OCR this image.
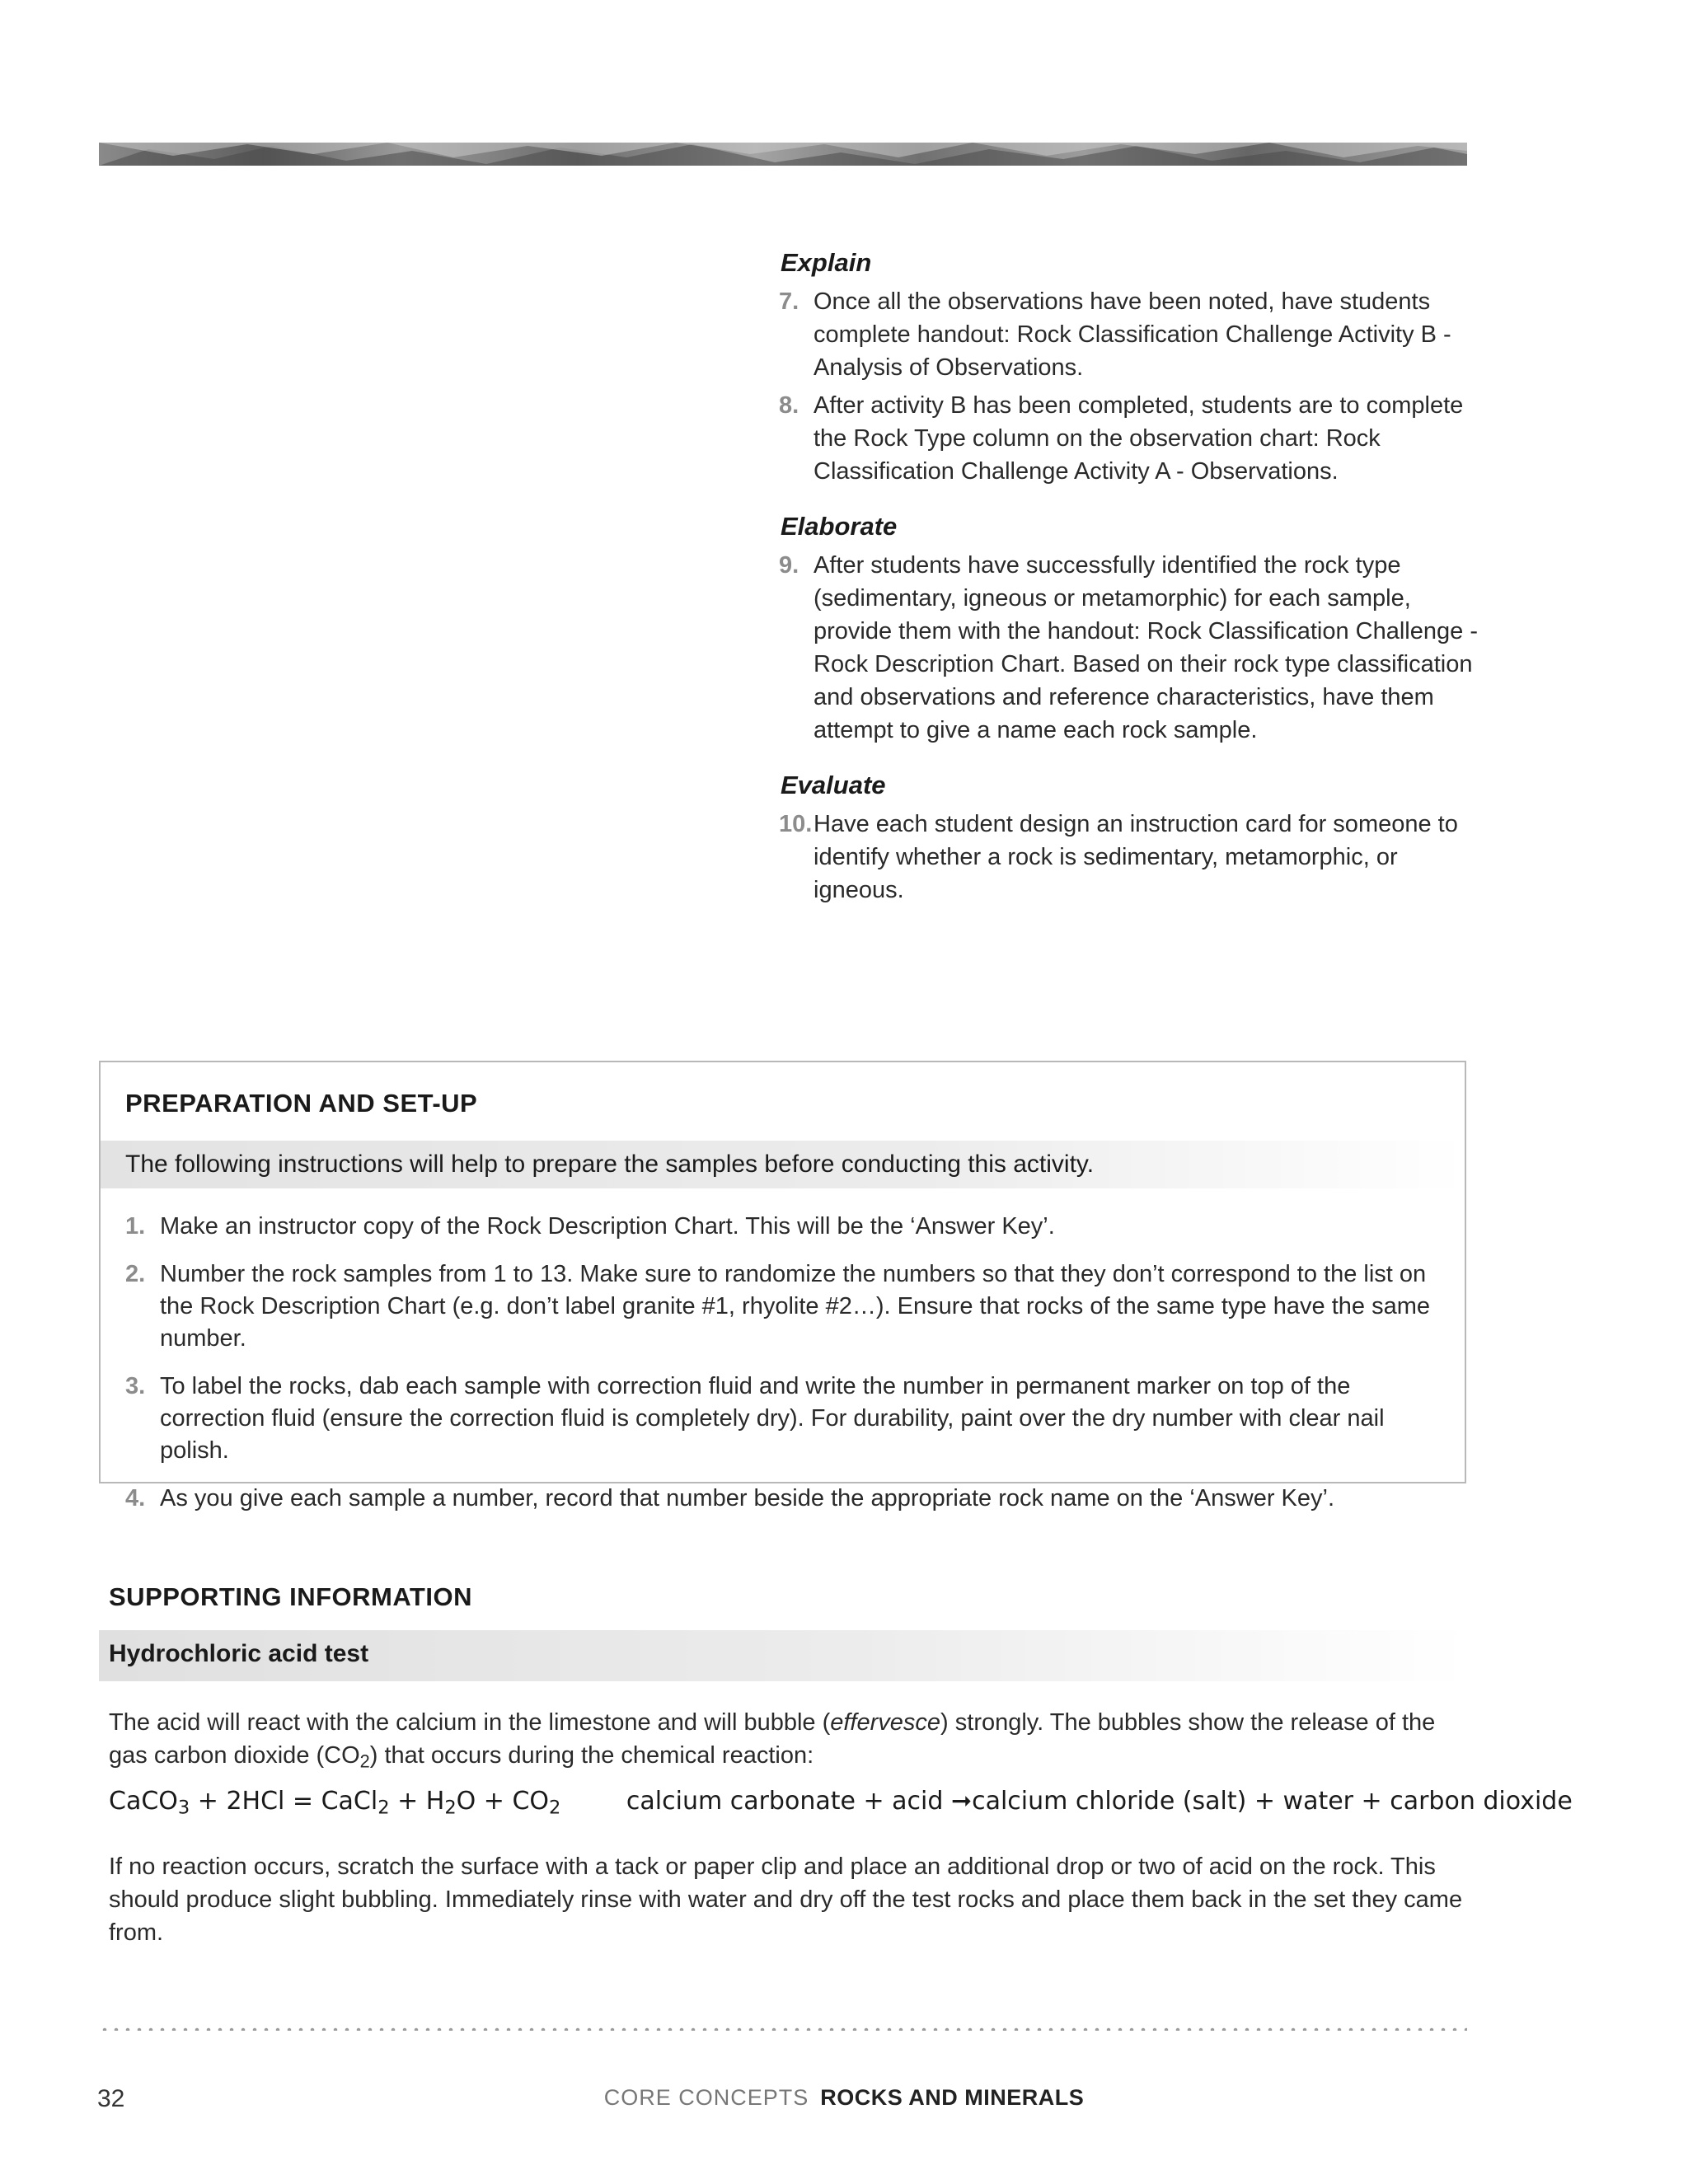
Explain
7. Once all the observations have been noted, have students complete handout: Rock Classification Challenge Activity B - Analysis of Observations.
8. After activity B has been completed, students are to complete the Rock Type column on the observation chart: Rock Classification Challenge Activity A - Observations.
Elaborate
9. After students have successfully identified the rock type (sedimentary, igneous or metamorphic) for each sample, provide them with the handout: Rock Classification Challenge - Rock Description Chart. Based on their rock type classification and observations and reference characteristics, have them attempt to give a name each rock sample.
Evaluate
10. Have each student design an instruction card for someone to identify whether a rock is sedimentary, metamorphic, or igneous.
PREPARATION AND SET-UP
The following instructions will help to prepare the samples before conducting this activity.
1. Make an instructor copy of the Rock Description Chart. This will be the ‘Answer Key’.
2. Number the rock samples from 1 to 13. Make sure to randomize the numbers so that they don’t correspond to the list on the Rock Description Chart (e.g. don’t label granite #1, rhyolite #2…). Ensure that rocks of the same type have the same number.
3. To label the rocks, dab each sample with correction fluid and write the number in permanent marker on top of the correction fluid (ensure the correction fluid is completely dry). For durability, paint over the dry number with clear nail polish.
4. As you give each sample a number, record that number beside the appropriate rock name on the ‘Answer Key’.
SUPPORTING INFORMATION
Hydrochloric acid test
The acid will react with the calcium in the limestone and will bubble (effervesce) strongly. The bubbles show the release of the gas carbon dioxide $(CO_2)$ that occurs during the chemical reaction:
CaCO$_3$ + 2HCl = CaCl$_2$ + $H_2O + CO_2$	calcium carbonate + acid ➞calcium chloride (salt) + water + carbon dioxide
If no reaction occurs, scratch the surface with a tack or paper clip and place an additional drop or two of acid on the rock. This should produce slight bubbling. Immediately rinse with water and dry off the test rocks and place them back in the set they came from.
32	CORE CONCEPTS ROCKS AND MINERALS
